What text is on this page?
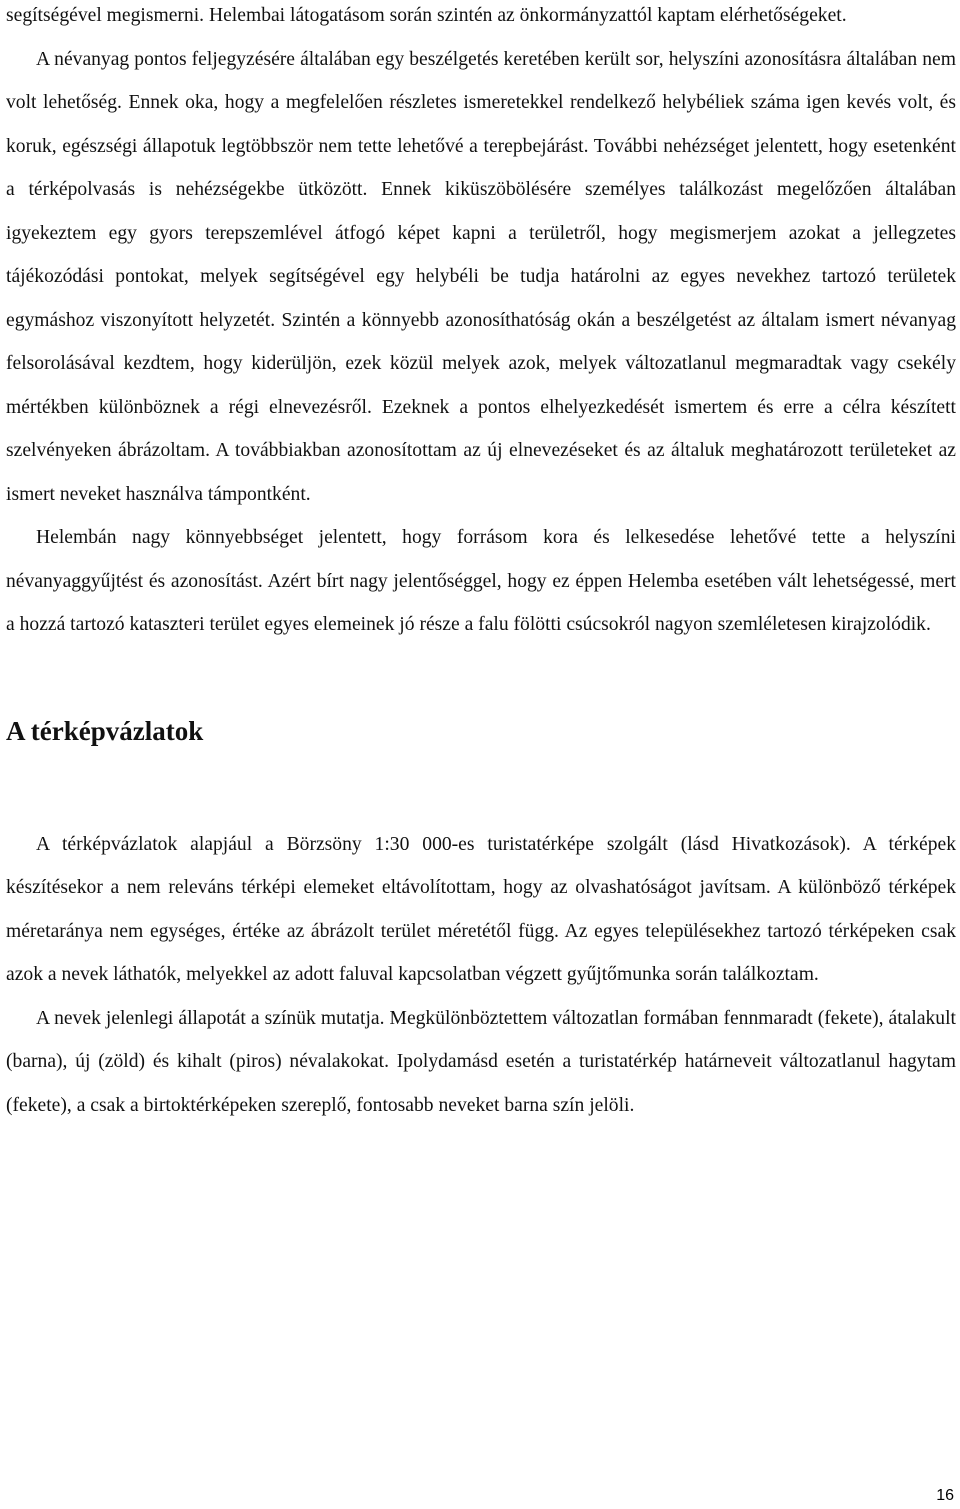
segítségével megismerni. Helembai látogatásom során szintén az önkormányzattól kaptam elérhetőségeket.

A névanyag pontos feljegyzésére általában egy beszélgetés keretében került sor, helyszíni azonosításra általában nem volt lehetőség. Ennek oka, hogy a megfelelően részletes ismeretekkel rendelkező helybéliek száma igen kevés volt, és koruk, egészségi állapotuk legtöbbször nem tette lehetővé a terepbejárást. További nehézséget jelentett, hogy esetenként a térképolvasás is nehézségekbe ütközött. Ennek kiküszöbölésére személyes találkozást megelőzően általában igyekeztem egy gyors terepszemlével átfogó képet kapni a területről, hogy megismerjem azokat a jellegzetes tájékozódási pontokat, melyek segítségével egy helybéli be tudja határolni az egyes nevekhez tartozó területek egymáshoz viszonyított helyzetét. Szintén a könnyebb azonosíthatóság okán a beszélgetést az általam ismert névanyag felsorolásával kezdtem, hogy kiderüljön, ezek közül melyek azok, melyek változatlanul megmaradtak vagy csekély mértékben különböznek a régi elnevezésről. Ezeknek a pontos elhelyezkedését ismertem és erre a célra készített szelvényeken ábrázoltam. A továbbiakban azonosítottam az új elnevezéseket és az általuk meghatározott területeket az ismert neveket használva támpontként.

Helembán nagy könnyebbséget jelentett, hogy forrásom kora és lelkesedése lehetővé tette a helyszíni névanyaggyűjtést és azonosítást. Azért bírt nagy jelentőséggel, hogy ez éppen Helemba esetében vált lehetségessé, mert a hozzá tartozó kataszteri terület egyes elemeinek jó része a falu fölötti csúcsokról nagyon szemléletesen kirajzolódik.

A térképvázlatok

A térképvázlatok alapjául a Börzsöny 1:30 000-es turistatérképe szolgált (lásd Hivatkozások). A térképek készítésekor a nem releváns térképi elemeket eltávolítottam, hogy az olvashatóságot javítsam. A különböző térképek méretaránya nem egységes, értéke az ábrázolt terület méretétől függ. Az egyes településekhez tartozó térképeken csak azok a nevek láthatók, melyekkel az adott faluval kapcsolatban végzett gyűjtőmunka során találkoztam.

A nevek jelenlegi állapotát a színük mutatja. Megkülönböztettem változatlan formában fennmaradt (fekete), átalakult (barna), új (zöld) és kihalt (piros) névalakokat. Ipolydamásd esetén a turistatérkép határneveit változatlanul hagytam (fekete), a csak a birtoktérképeken szereplő, fontosabb neveket barna szín jelöli.

16
